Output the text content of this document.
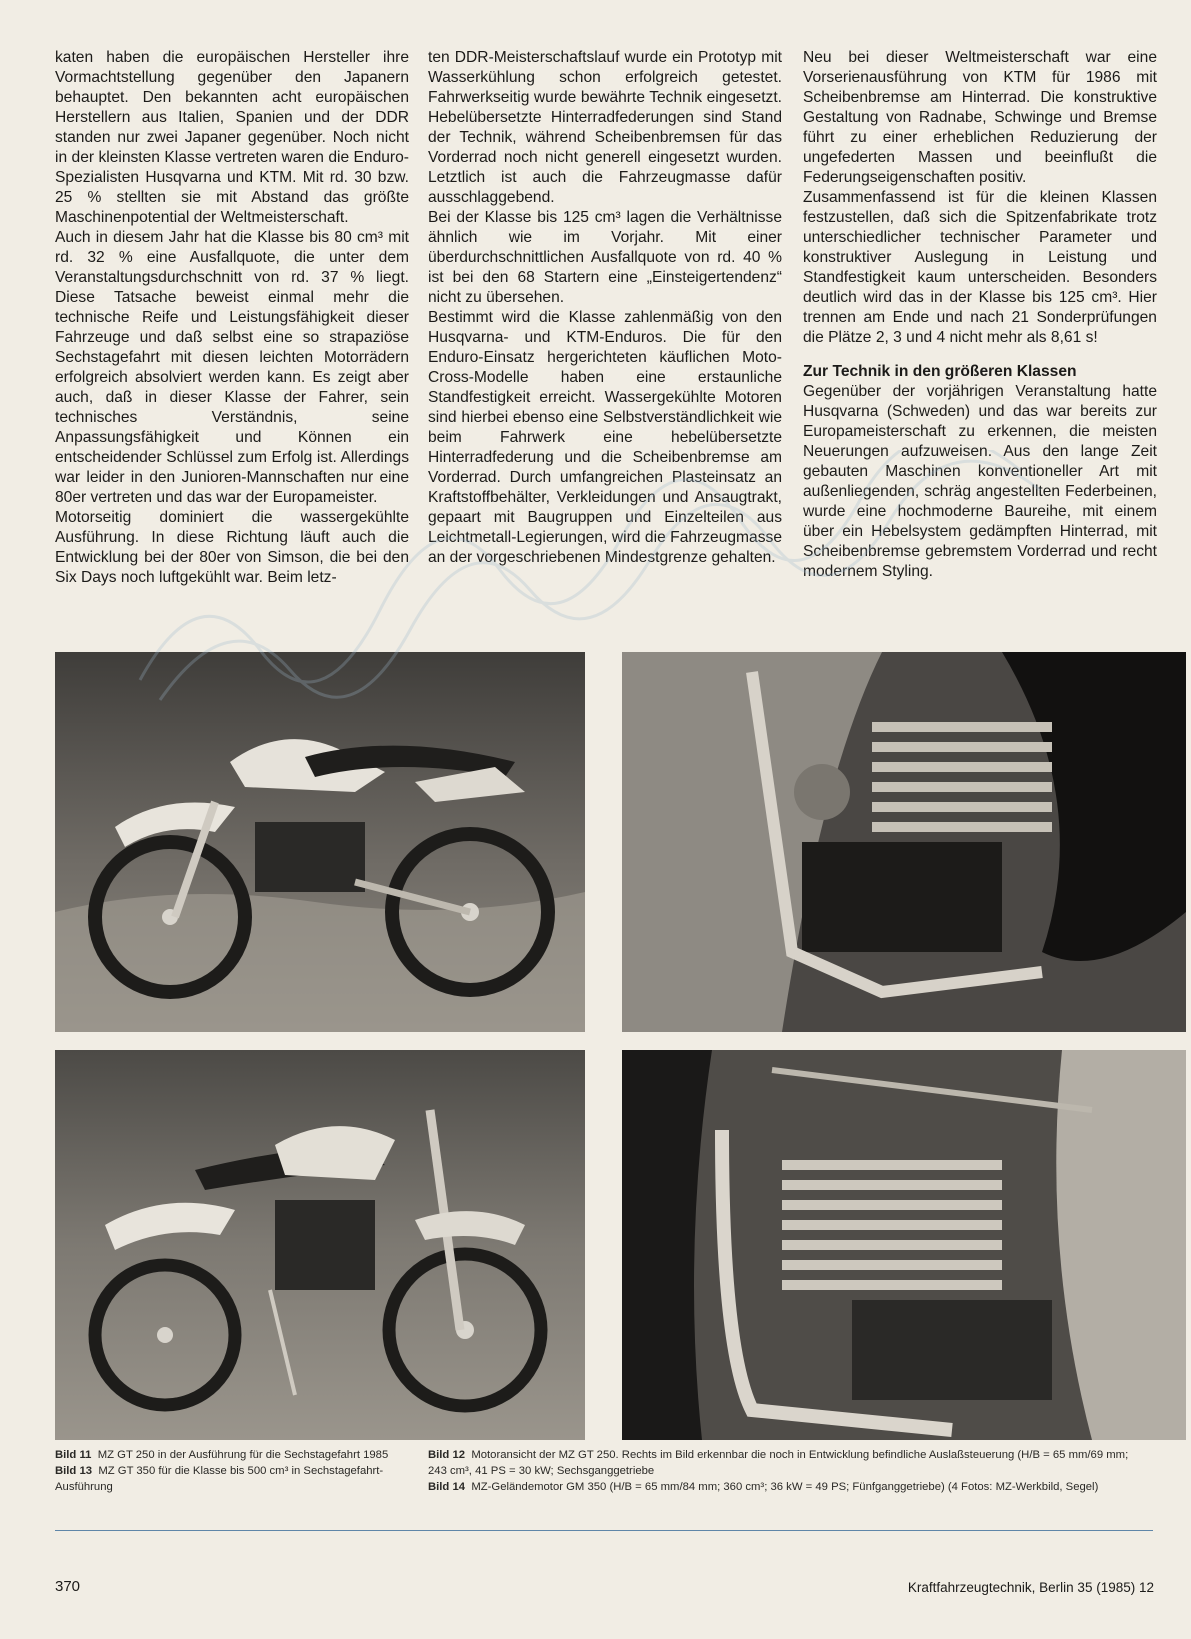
katen haben die europäischen Hersteller ihre Vormachtstellung gegenüber den Japanern behauptet. Den bekannten acht europäischen Herstellern aus Italien, Spanien und der DDR standen nur zwei Japaner gegenüber. Noch nicht in der kleinsten Klasse vertreten waren die Enduro-Spezialisten Husqvarna und KTM. Mit rd. 30 bzw. 25 % stellten sie mit Abstand das größte Maschinenpotential der Weltmeisterschaft.

Auch in diesem Jahr hat die Klasse bis 80 cm³ mit rd. 32 % eine Ausfallquote, die unter dem Veranstaltungsdurchschnitt von rd. 37 % liegt. Diese Tatsache beweist einmal mehr die technische Reife und Leistungsfähigkeit dieser Fahrzeuge und daß selbst eine so strapaziöse Sechstagefahrt mit diesen leichten Motorrädern erfolgreich absolviert werden kann. Es zeigt aber auch, daß in dieser Klasse der Fahrer, sein technisches Verständnis, seine Anpassungsfähigkeit und Können ein entscheidender Schlüssel zum Erfolg ist. Allerdings war leider in den Junioren-Mannschaften nur eine 80er vertreten und das war der Europameister.

Motorseitig dominiert die wassergekühlte Ausführung. In diese Richtung läuft auch die Entwicklung bei der 80er von Simson, die bei den Six Days noch luftgekühlt war. Beim letz-

ten DDR-Meisterschaftslauf wurde ein Prototyp mit Wasserkühlung schon erfolgreich getestet. Fahrwerkseitig wurde bewährte Technik eingesetzt. Hebelübersetzte Hinterradfederungen sind Stand der Technik, während Scheibenbremsen für das Vorderrad noch nicht generell eingesetzt wurden. Letztlich ist auch die Fahrzeugmasse dafür ausschlaggebend.

Bei der Klasse bis 125 cm³ lagen die Verhältnisse ähnlich wie im Vorjahr. Mit einer überdurchschnittlichen Ausfallquote von rd. 40 % ist bei den 68 Startern eine „Einsteigertendenz“ nicht zu übersehen.

Bestimmt wird die Klasse zahlenmäßig von den Husqvarna- und KTM-Enduros. Die für den Enduro-Einsatz hergerichteten käuflichen Moto-Cross-Modelle haben eine erstaunliche Standfestigkeit erreicht. Wassergekühlte Motoren sind hierbei ebenso eine Selbstverständlichkeit wie beim Fahrwerk eine hebelübersetzte Hinterradfederung und die Scheibenbremse am Vorderrad. Durch umfangreichen Plasteinsatz an Kraftstoffbehälter, Verkleidungen und Ansaugtrakt, gepaart mit Baugruppen und Einzelteilen aus Leichtmetall-Legierungen, wird die Fahrzeugmasse an der vorgeschriebenen Mindestgrenze gehalten.

Neu bei dieser Weltmeisterschaft war eine Vorserienausführung von KTM für 1986 mit Scheibenbremse am Hinterrad. Die konstruktive Gestaltung von Radnabe, Schwinge und Bremse führt zu einer erheblichen Reduzierung der ungefederten Massen und beeinflußt die Federungseigenschaften positiv.

Zusammenfassend ist für die kleinen Klassen festzustellen, daß sich die Spitzenfabrikate trotz unterschiedlicher technischer Parameter und konstruktiver Auslegung in Leistung und Standfestigkeit kaum unterscheiden. Besonders deutlich wird das in der Klasse bis 125 cm³. Hier trennen am Ende und nach 21 Sonderprüfungen die Plätze 2, 3 und 4 nicht mehr als 8,61 s!

Zur Technik in den größeren Klassen

Gegenüber der vorjährigen Veranstaltung hatte Husqvarna (Schweden) und das war bereits zur Europameisterschaft zu erkennen, die meisten Neuerungen aufzuweisen. Aus den lange Zeit gebauten Maschinen konventioneller Art mit außenliegenden, schräg angestellten Federbeinen, wurde eine hochmoderne Baureihe, mit einem über ein Hebelsystem gedämpften Hinterrad, mit Scheibenbremse gebremstem Vorderrad und recht modernem Styling.

Bild 11 MZ GT 250 in der Ausführung für die Sechstagefahrt 1985
Bild 13 MZ GT 350 für die Klasse bis 500 cm³ in Sechstagefahrt-Ausführung
Bild 12 Motoransicht der MZ GT 250. Rechts im Bild erkennbar die noch in Entwicklung befindliche Auslaßsteuerung (H/B = 65 mm/69 mm; 243 cm³, 41 PS = 30 kW; Sechsganggetriebe
Bild 14 MZ-Geländemotor GM 350 (H/B = 65 mm/84 mm; 360 cm³; 36 kW = 49 PS; Fünfganggetriebe) (4 Fotos: MZ-Werkbild, Segel)
370	Kraftfahrzeugtechnik, Berlin 35 (1985) 12
